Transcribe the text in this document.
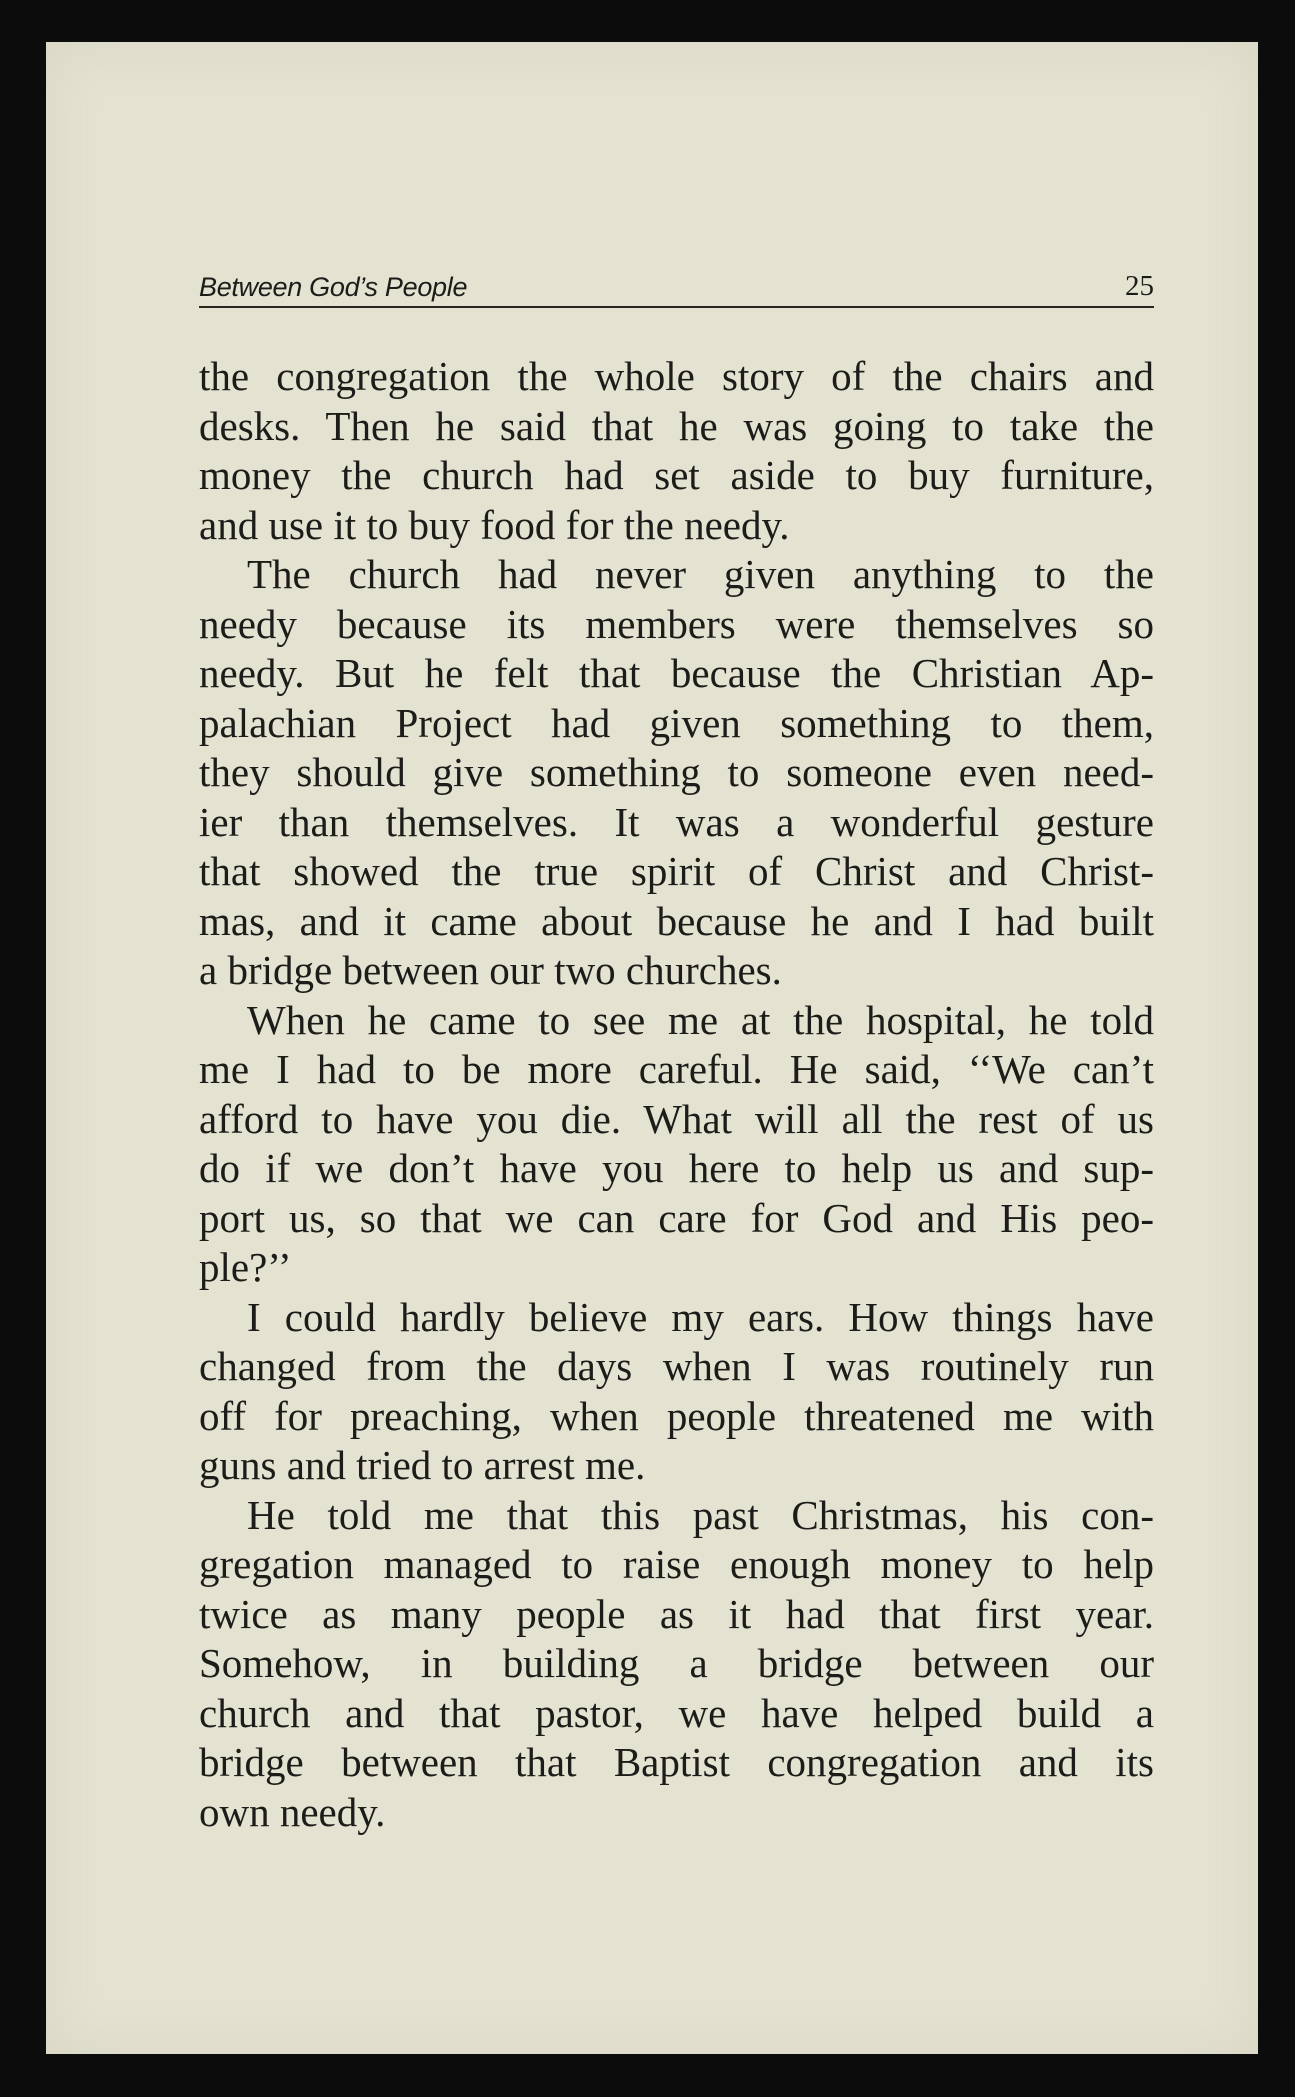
Between God’s People	25
the congregation the whole story of the chairs and
desks. Then he said that he was going to take the
money the church had set aside to buy furniture,
and use it to buy food for the needy.
The church had never given anything to the
needy because its members were themselves so
needy. But he felt that because the Christian Ap-
palachian Project had given something to them,
they should give something to someone even need-
ier than themselves. It was a wonderful gesture
that showed the true spirit of Christ and Christ-
mas, and it came about because he and I had built
a bridge between our two churches.
When he came to see me at the hospital, he told
me I had to be more careful. He said, ‘‘We can’t
afford to have you die. What will all the rest of us
do if we don’t have you here to help us and sup-
port us, so that we can care for God and His peo-
ple?’’
I could hardly believe my ears. How things have
changed from the days when I was routinely run
off for preaching, when people threatened me with
guns and tried to arrest me.
He told me that this past Christmas, his con-
gregation managed to raise enough money to help
twice as many people as it had that first year.
Somehow, in building a bridge between our
church and that pastor, we have helped build a
bridge between that Baptist congregation and its
own needy.
